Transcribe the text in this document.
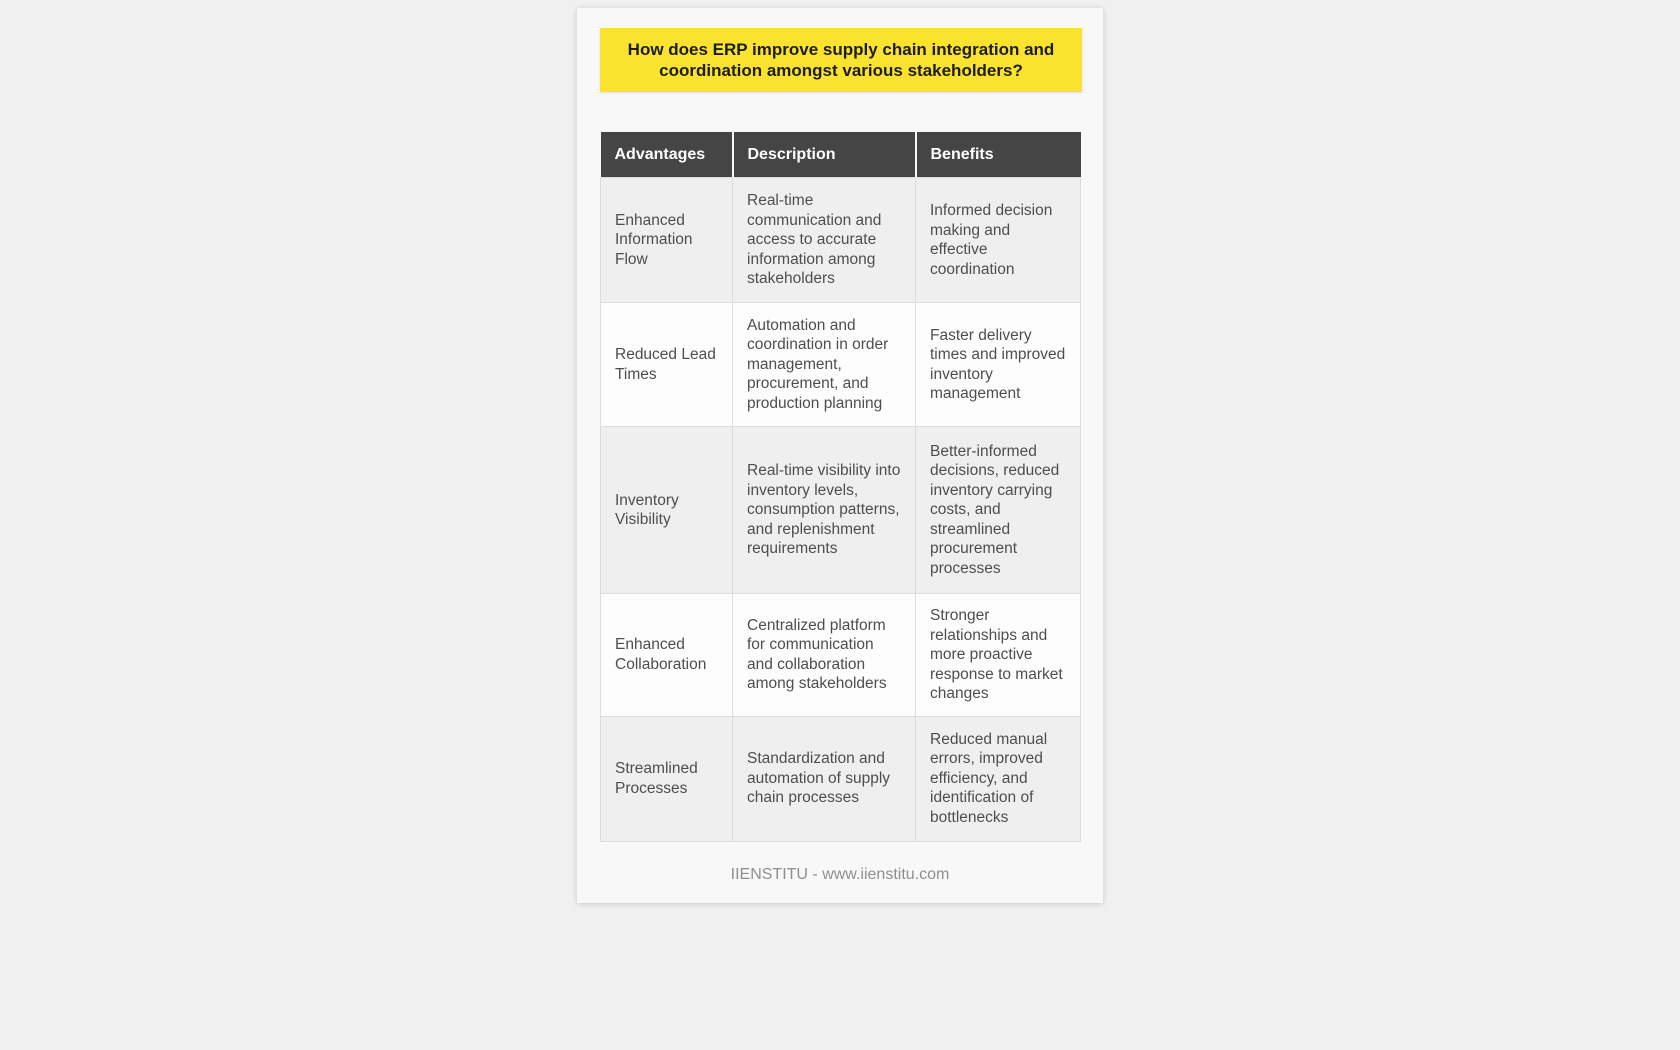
How does ERP improve supply chain integration and coordination amongst various stakeholders?
Advantages	Description	Benefits
Enhanced Information Flow	Real-time communication and access to accurate information among stakeholders	Informed decision making and effective coordination
Reduced Lead Times	Automation and coordination in order management, procurement, and production planning	Faster delivery times and improved inventory management
Inventory Visibility	Real-time visibility into inventory levels, consumption patterns, and replenishment requirements	Better-informed decisions, reduced inventory carrying costs, and streamlined procurement processes
Enhanced Collaboration	Centralized platform for communication and collaboration among stakeholders	Stronger relationships and more proactive response to market changes
Streamlined Processes	Standardization and automation of supply chain processes	Reduced manual errors, improved efficiency, and identification of bottlenecks
IIENSTITU - www.iienstitu.com
